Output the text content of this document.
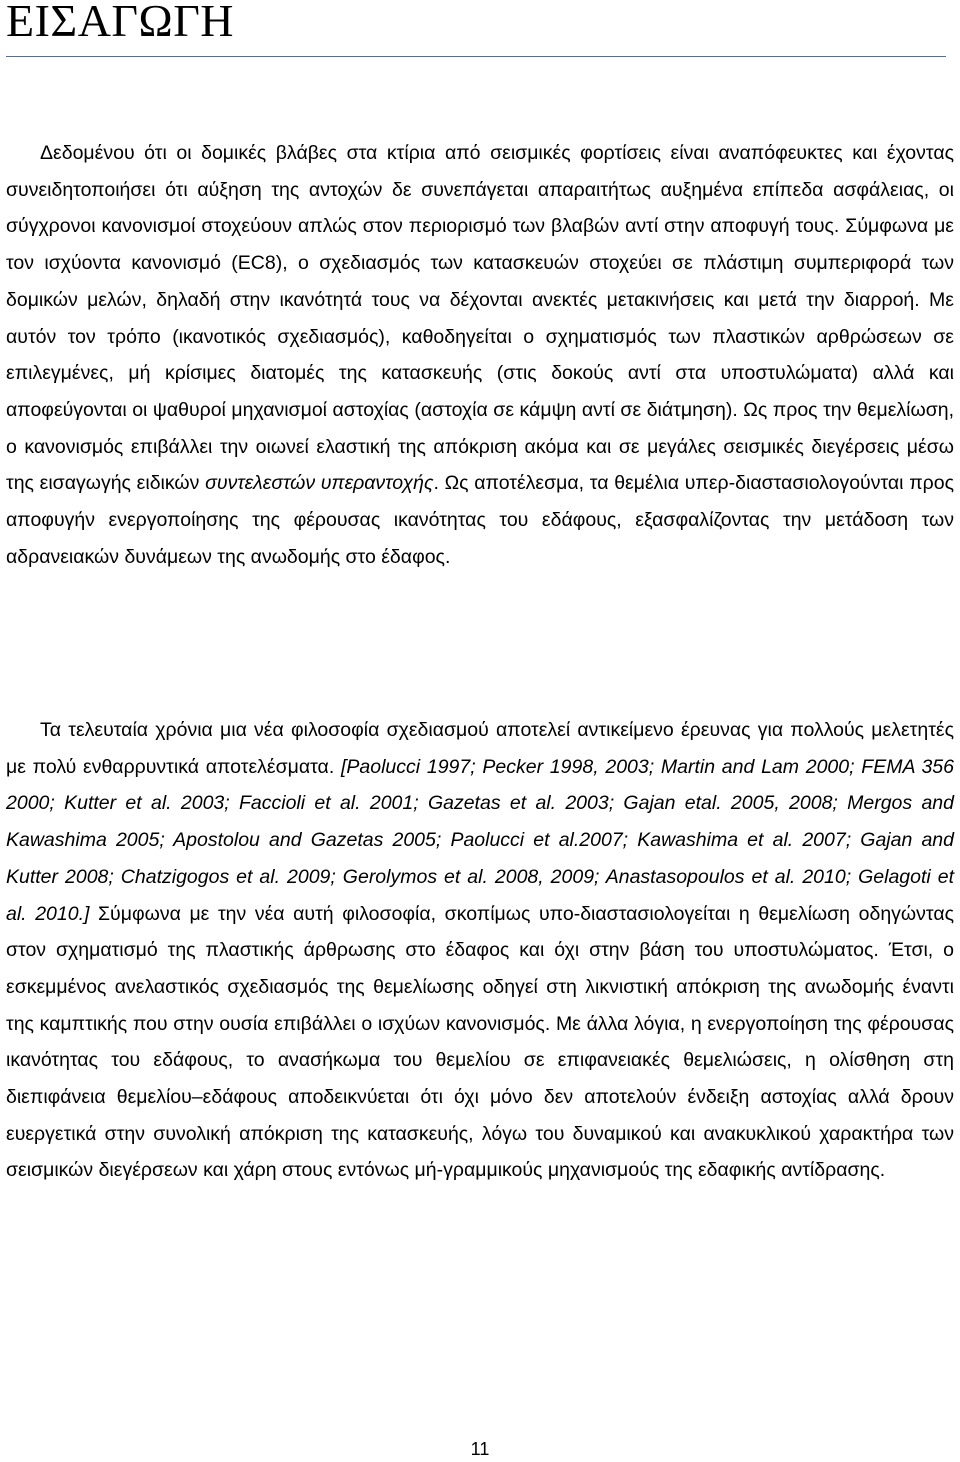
ΕΙΣΑΓΩΓΗ

Δεδομένου ότι οι δομικές βλάβες στα κτίρια από σεισμικές φορτίσεις είναι αναπόφευκτες και έχοντας συνειδητοποιήσει ότι αύξηση της αντοχών δε συνεπάγεται απαραιτήτως αυξημένα επίπεδα ασφάλειας, οι σύγχρονοι κανονισμοί στοχεύουν απλώς στον περιορισμό των βλαβών αντί στην αποφυγή τους. Σύμφωνα με τον ισχύοντα κανονισμό (EC8), ο σχεδιασμός των κατασκευών στοχεύει σε πλάστιμη συμπεριφορά των δομικών μελών, δηλαδή στην ικανότητά τους να δέχονται ανεκτές μετακινήσεις και μετά την διαρροή. Με αυτόν τον τρόπο (ικανοτικός σχεδιασμός), καθοδηγείται ο σχηματισμός των πλαστικών αρθρώσεων σε επιλεγμένες, μή κρίσιμες διατομές της κατασκευής (στις δοκούς αντί στα υποστυλώματα) αλλά και αποφεύγονται οι ψαθυροί μηχανισμοί αστοχίας (αστοχία σε κάμψη αντί σε διάτμηση). Ως προς την θεμελίωση, ο κανονισμός επιβάλλει την οιωνεί ελαστική της απόκριση ακόμα και σε μεγάλες σεισμικές διεγέρσεις μέσω της εισαγωγής ειδικών συντελεστών υπεραντοχής. Ως αποτέλεσμα, τα θεμέλια υπερ-διαστασιολογούνται προς αποφυγήν ενεργοποίησης της φέρουσας ικανότητας του εδάφους, εξασφαλίζοντας την μετάδοση των αδρανειακών δυνάμεων της ανωδομής στο έδαφος.

Τα τελευταία χρόνια μια νέα φιλοσοφία σχεδιασμού αποτελεί αντικείμενο έρευνας για πολλούς μελετητές με πολύ ενθαρρυντικά αποτελέσματα. [Paolucci 1997; Pecker 1998, 2003; Martin and Lam 2000; FEMA 356 2000; Kutter et al. 2003; Faccioli et al. 2001; Gazetas et al. 2003; Gajan etal. 2005, 2008; Mergos and Kawashima 2005; Apostolou and Gazetas 2005; Paolucci et al.2007; Kawashima et al. 2007; Gajan and Kutter 2008; Chatzigogos et al. 2009; Gerolymos et al. 2008, 2009; Anastasopoulos et al. 2010; Gelagoti et al. 2010.] Σύμφωνα με την νέα αυτή φιλοσοφία, σκοπίμως υπο-διαστασιολογείται η θεμελίωση οδηγώντας στον σχηματισμό της πλαστικής άρθρωσης στο έδαφος και όχι στην βάση του υποστυλώματος. Έτσι, ο εσκεμμένος ανελαστικός σχεδιασμός της θεμελίωσης οδηγεί στη λικνιστική απόκριση της ανωδομής έναντι της καμπτικής που στην ουσία επιβάλλει ο ισχύων κανονισμός. Με άλλα λόγια, η ενεργοποίηση της φέρουσας ικανότητας του εδάφους, το ανασήκωμα του θεμελίου σε επιφανειακές θεμελιώσεις, η ολίσθηση στη διεπιφάνεια θεμελίου–εδάφους αποδεικνύεται ότι όχι μόνο δεν αποτελούν ένδειξη αστοχίας αλλά δρουν ευεργετικά στην συνολική απόκριση της κατασκευής, λόγω του δυναμικού και ανακυκλικού χαρακτήρα των σεισμικών διεγέρσεων και χάρη στους εντόνως μή-γραμμικούς μηχανισμούς της εδαφικής αντίδρασης.

11
